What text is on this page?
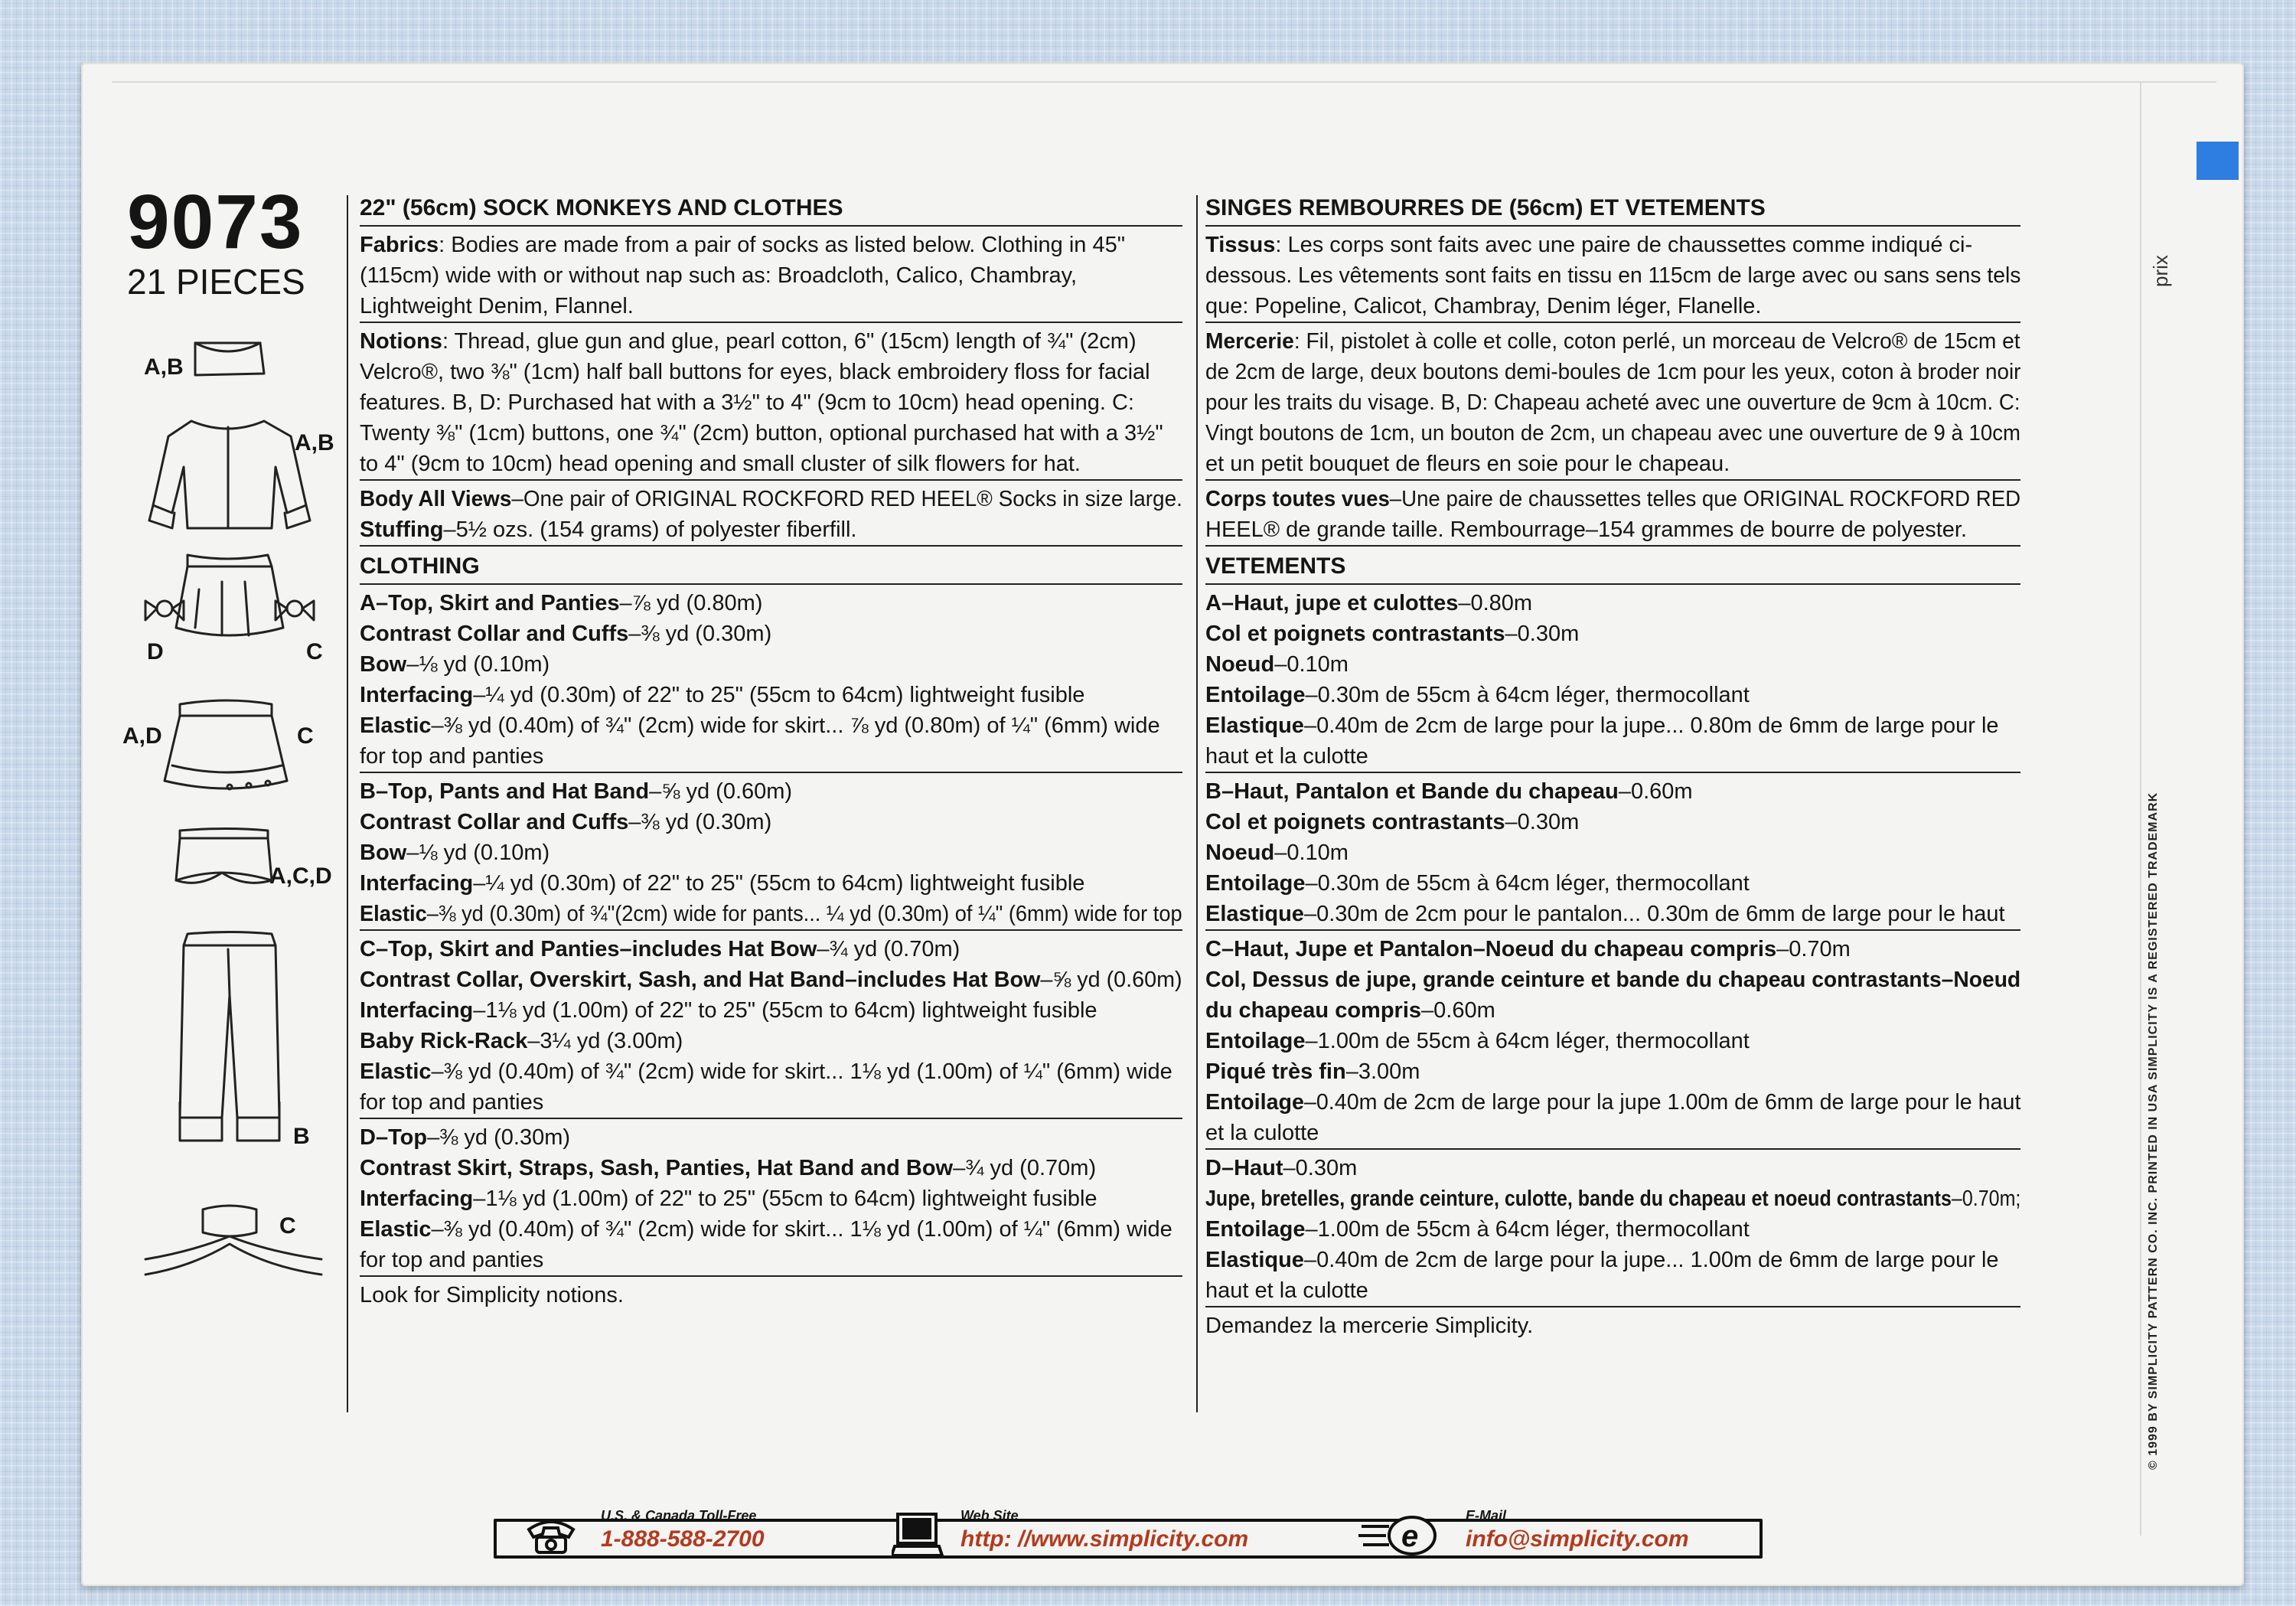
9073
21 PIECES
A,B
A,B
D	C
A,D	C
A,C,D
B
C
22" (56cm) SOCK MONKEYS AND CLOTHES
Fabrics: Bodies are made from a pair of socks as listed below. Clothing in 45"
(115cm) wide with or without nap such as: Broadcloth, Calico, Chambray,
Lightweight Denim, Flannel.
Notions: Thread, glue gun and glue, pearl cotton, 6" (15cm) length of ¾" (2cm)
Velcro®, two ⅜" (1cm) half ball buttons for eyes, black embroidery floss for facial
features. B, D: Purchased hat with a 3½" to 4" (9cm to 10cm) head opening. C:
Twenty ⅜" (1cm) buttons, one ¾" (2cm) button, optional purchased hat with a 3½"
to 4" (9cm to 10cm) head opening and small cluster of silk flowers for hat.
Body All Views–One pair of ORIGINAL ROCKFORD RED HEEL® Socks in size large.
Stuffing–5½ ozs. (154 grams) of polyester fiberfill.
CLOTHING
A–Top, Skirt and Panties–⅞ yd (0.80m)
Contrast Collar and Cuffs–⅜ yd (0.30m)
Bow–⅛ yd (0.10m)
Interfacing–¼ yd (0.30m) of 22" to 25" (55cm to 64cm) lightweight fusible
Elastic–⅜ yd (0.40m) of ¾" (2cm) wide for skirt... ⅞ yd (0.80m) of ¼" (6mm) wide
for top and panties
B–Top, Pants and Hat Band–⅝ yd (0.60m)
Contrast Collar and Cuffs–⅜ yd (0.30m)
Bow–⅛ yd (0.10m)
Interfacing–¼ yd (0.30m) of 22" to 25" (55cm to 64cm) lightweight fusible
Elastic–⅜ yd (0.30m) of ¾"(2cm) wide for pants... ¼ yd (0.30m) of ¼" (6mm) wide for top
C–Top, Skirt and Panties–includes Hat Bow–¾ yd (0.70m)
Contrast Collar, Overskirt, Sash, and Hat Band–includes Hat Bow–⅝ yd (0.60m)
Interfacing–1⅛ yd (1.00m) of 22" to 25" (55cm to 64cm) lightweight fusible
Baby Rick-Rack–3¼ yd (3.00m)
Elastic–⅜ yd (0.40m) of ¾" (2cm) wide for skirt... 1⅛ yd (1.00m) of ¼" (6mm) wide
for top and panties
D–Top–⅜ yd (0.30m)
Contrast Skirt, Straps, Sash, Panties, Hat Band and Bow–¾ yd (0.70m)
Interfacing–1⅛ yd (1.00m) of 22" to 25" (55cm to 64cm) lightweight fusible
Elastic–⅜ yd (0.40m) of ¾" (2cm) wide for skirt... 1⅛ yd (1.00m) of ¼" (6mm) wide
for top and panties
Look for Simplicity notions.
SINGES REMBOURRES DE (56cm) ET VETEMENTS
Tissus: Les corps sont faits avec une paire de chaussettes comme indiqué ci-
dessous. Les vêtements sont faits en tissu en 115cm de large avec ou sans sens tels
que: Popeline, Calicot, Chambray, Denim léger, Flanelle.
Mercerie: Fil, pistolet à colle et colle, coton perlé, un morceau de Velcro® de 15cm et
de 2cm de large, deux boutons demi-boules de 1cm pour les yeux, coton à broder noir
pour les traits du visage. B, D: Chapeau acheté avec une ouverture de 9cm à 10cm. C:
Vingt boutons de 1cm, un bouton de 2cm, un chapeau avec une ouverture de 9 à 10cm
et un petit bouquet de fleurs en soie pour le chapeau.
Corps toutes vues–Une paire de chaussettes telles que ORIGINAL ROCKFORD RED
HEEL® de grande taille. Rembourrage–154 grammes de bourre de polyester.
VETEMENTS
A–Haut, jupe et culottes–0.80m
Col et poignets contrastants–0.30m
Noeud–0.10m
Entoilage–0.30m de 55cm à 64cm léger, thermocollant
Elastique–0.40m de 2cm de large pour la jupe... 0.80m de 6mm de large pour le
haut et la culotte
B–Haut, Pantalon et Bande du chapeau–0.60m
Col et poignets contrastants–0.30m
Noeud–0.10m
Entoilage–0.30m de 55cm à 64cm léger, thermocollant
Elastique–0.30m de 2cm pour le pantalon... 0.30m de 6mm de large pour le haut
C–Haut, Jupe et Pantalon–Noeud du chapeau compris–0.70m
Col, Dessus de jupe, grande ceinture et bande du chapeau contrastants–Noeud
du chapeau compris–0.60m
Entoilage–1.00m de 55cm à 64cm léger, thermocollant
Piqué très fin–3.00m
Entoilage–0.40m de 2cm de large pour la jupe 1.00m de 6mm de large pour le haut
et la culotte
D–Haut–0.30m
Jupe, bretelles, grande ceinture, culotte, bande du chapeau et noeud contrastants–0.70m;
Entoilage–1.00m de 55cm à 64cm léger, thermocollant
Elastique–0.40m de 2cm de large pour la jupe... 1.00m de 6mm de large pour le
haut et la culotte
Demandez la mercerie Simplicity.
prix
© 1999 BY SIMPLICITY PATTERN CO. INC. PRINTED IN USA SIMPLICITY IS A REGISTERED TRADEMARK
U.S. & Canada Toll-Free
1-888-588-2700
Web Site
http: //www.simplicity.com	e
E-Mail
info@simplicity.com
